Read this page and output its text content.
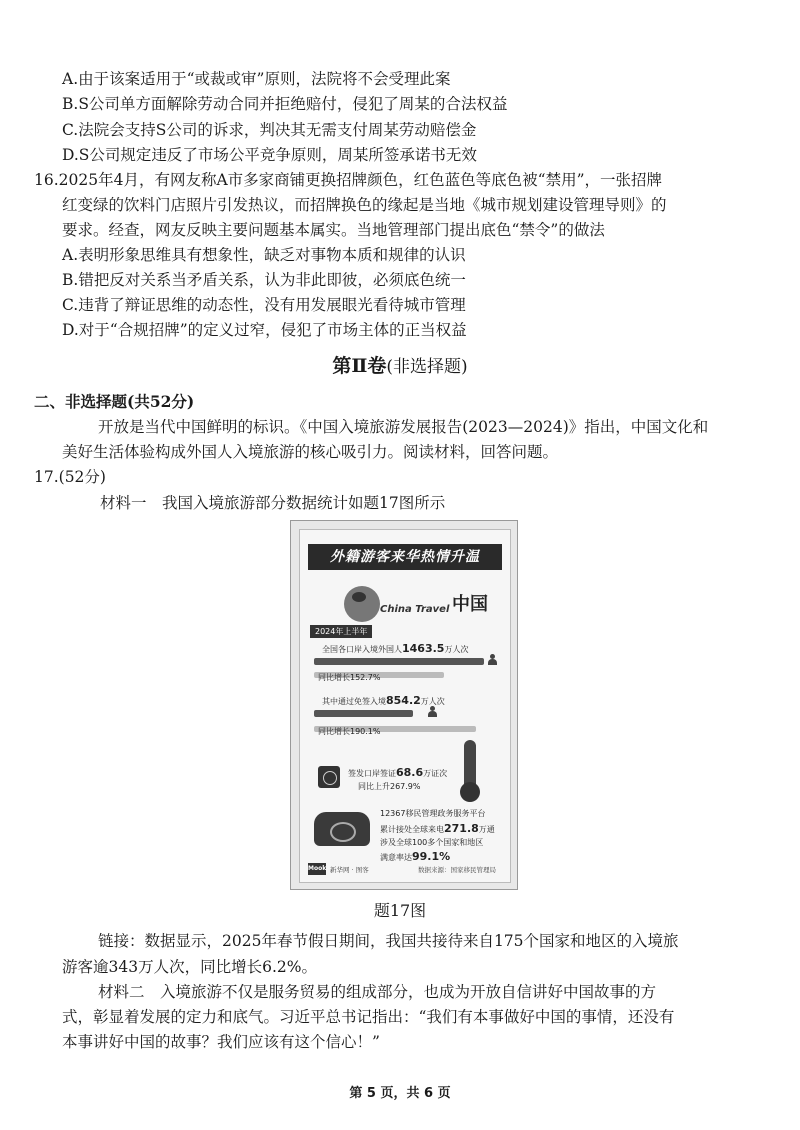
A.由于该案适用于“或裁或审”原则，法院将不会受理此案
B.S公司单方面解除劳动合同并拒绝赔付，侵犯了周某的合法权益
C.法院会支持S公司的诉求，判决其无需支付周某劳动赔偿金
D.S公司规定违反了市场公平竞争原则，周某所签承诺书无效
16.2025年4月，有网友称A市多家商铺更换招牌颜色，红色蓝色等底色被“禁用”，一张招牌
红变绿的饮料门店照片引发热议，而招牌换色的缘起是当地《城市规划建设管理导则》的
要求。经查，网友反映主要问题基本属实。当地管理部门提出底色“禁令”的做法
A.表明形象思维具有想象性，缺乏对事物本质和规律的认识
B.错把反对关系当矛盾关系，认为非此即彼，必须底色统一
C.违背了辩证思维的动态性，没有用发展眼光看待城市管理
D.对于“合规招牌”的定义过窄，侵犯了市场主体的正当权益
第Ⅱ卷(非选择题)
二、非选择题(共52分)
开放是当代中国鲜明的标识。《中国入境旅游发展报告(2023—2024)》指出，中国文化和
美好生活体验构成外国人入境旅游的核心吸引力。阅读材料，回答问题。
17.(52分)
材料一　我国入境旅游部分数据统计如题17图所示
外籍游客来华热情升温
China Travel 中国
2024年上半年
全国各口岸入境外国人1463.5万人次
同比增长152.7%
其中通过免签入境854.2万人次
同比增长190.1%
签发口岸签证68.6万证次
同比上升267.9%
12367移民管理政务服务平台
累计接处全球来电271.8万通
涉及全球100多个国家和地区
满意率达99.1%
Mook 新华网 · 图客	数据来源：国家移民管理局
题17图
链接：数据显示，2025年春节假日期间，我国共接待来自175个国家和地区的入境旅
游客逾343万人次，同比增长6.2%。
材料二　入境旅游不仅是服务贸易的组成部分，也成为开放自信讲好中国故事的方
式，彰显着发展的定力和底气。习近平总书记指出：“我们有本事做好中国的事情，还没有
本事讲好中国的故事？我们应该有这个信心！”
第 5 页，共 6 页
